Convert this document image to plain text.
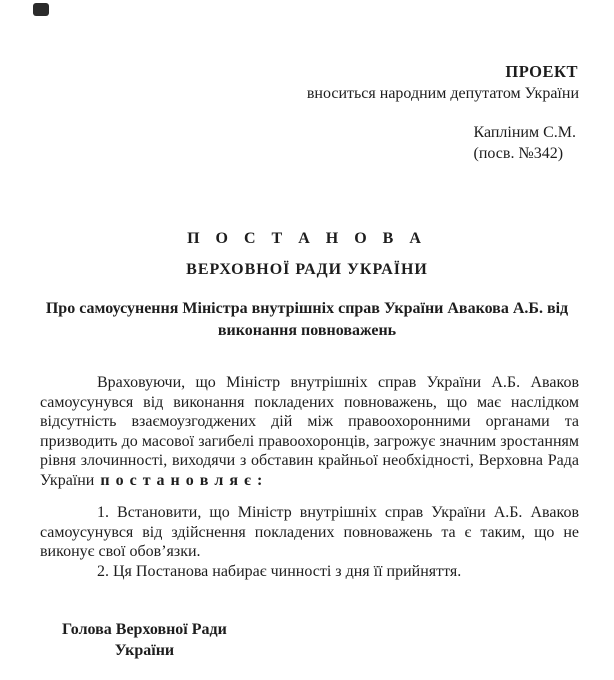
ПРОЕКТ
вноситься народним депутатом України
Капліним С.М.
(посв. №342)
П О С Т А Н О В А
ВЕРХОВНОЇ РАДИ УКРАЇНИ
Про самоусунення Міністра внутрішніх справ України Авакова А.Б. від виконання повноважень

Враховуючи, що Міністр внутрішніх справ України А.Б. Аваков самоусунувся від виконання покладених повноважень, що має наслідком відсутність взаємоузгоджених дій між правоохоронними органами та призводить до масової загибелі правоохоронців, загрожує значним зростанням рівня злочинності, виходячи з обставин крайньої необхідності, Верховна Рада України п о с т а н о в л я є :

1. Встановити, що Міністр внутрішніх справ України А.Б. Аваков самоусунувся від здійснення покладених повноважень та є таким, що не виконує свої обов’язки.

2. Ця Постанова набирає чинності з дня її прийняття.

Голова Верховної Ради
України
